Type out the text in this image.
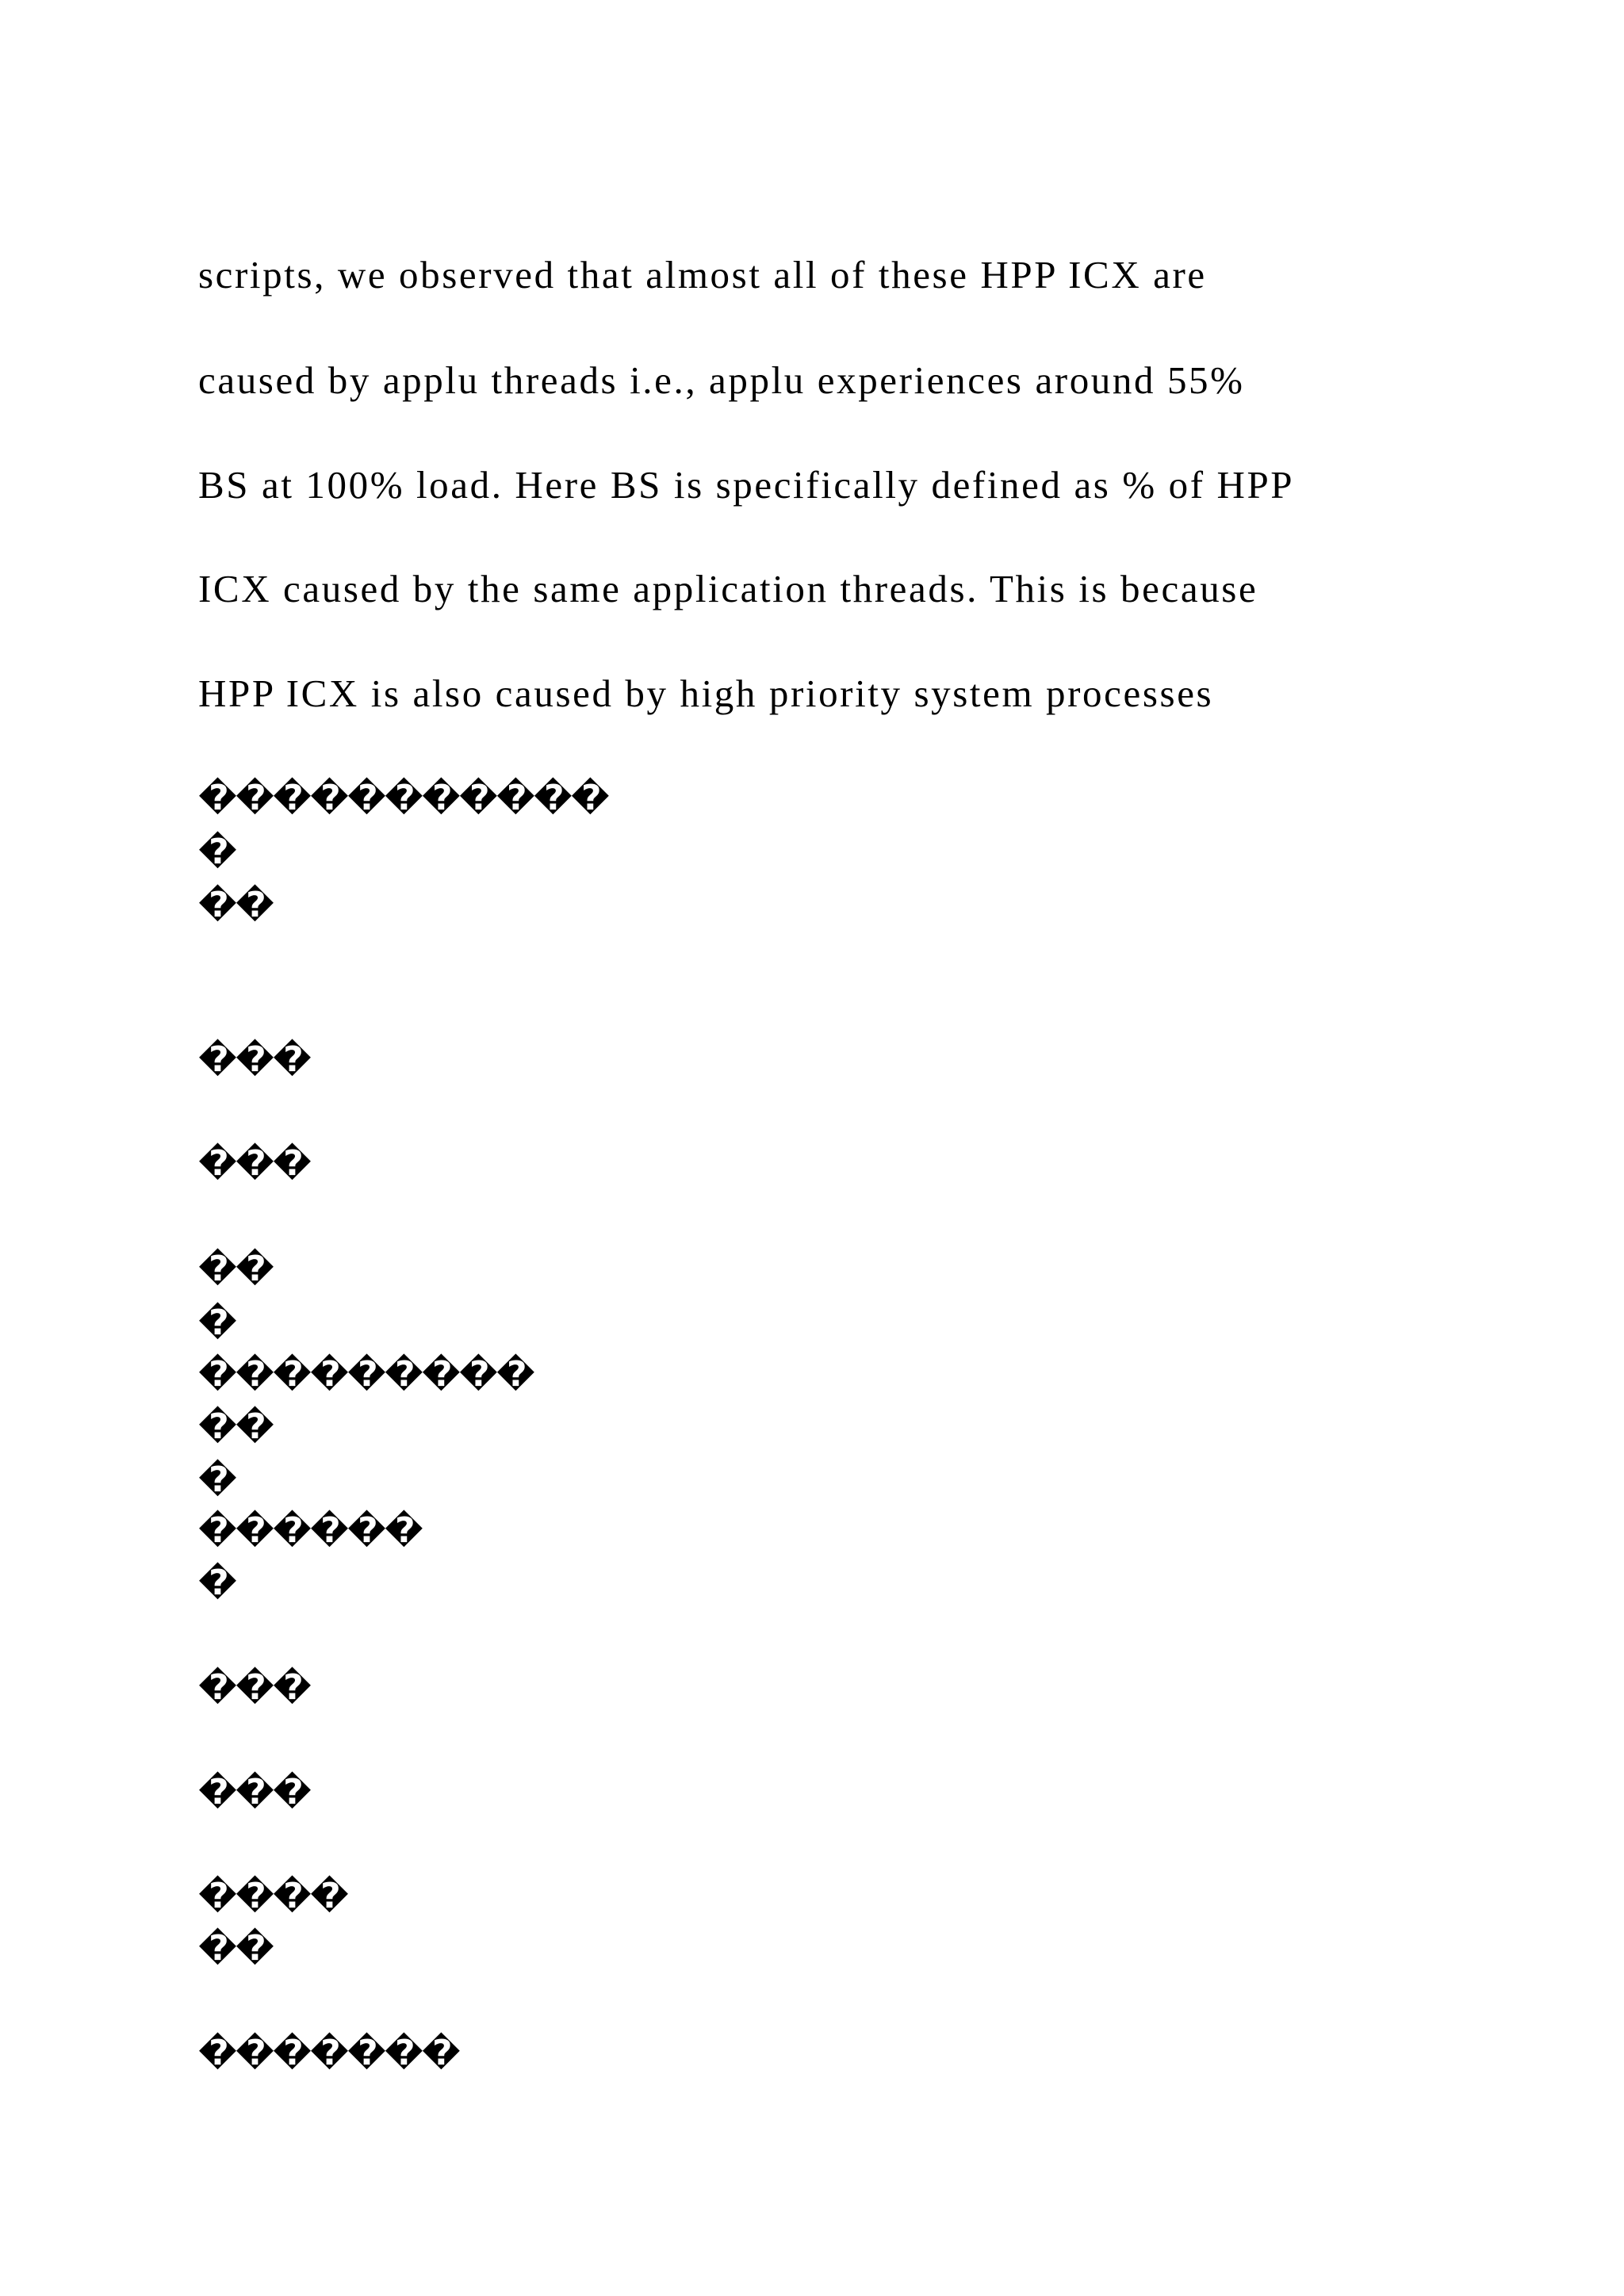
scripts, we observed that almost all of these HPP ICX are
caused by applu threads i.e., applu experiences around 55%
BS at 100% load. Here BS is specifically defined as % of HPP
ICX caused by the same application threads. This is because
HPP ICX is also caused by high priority system processes
�����������
�
��
���
���
��
�
���������
��
�
������
�
���
���
����
��
�������
